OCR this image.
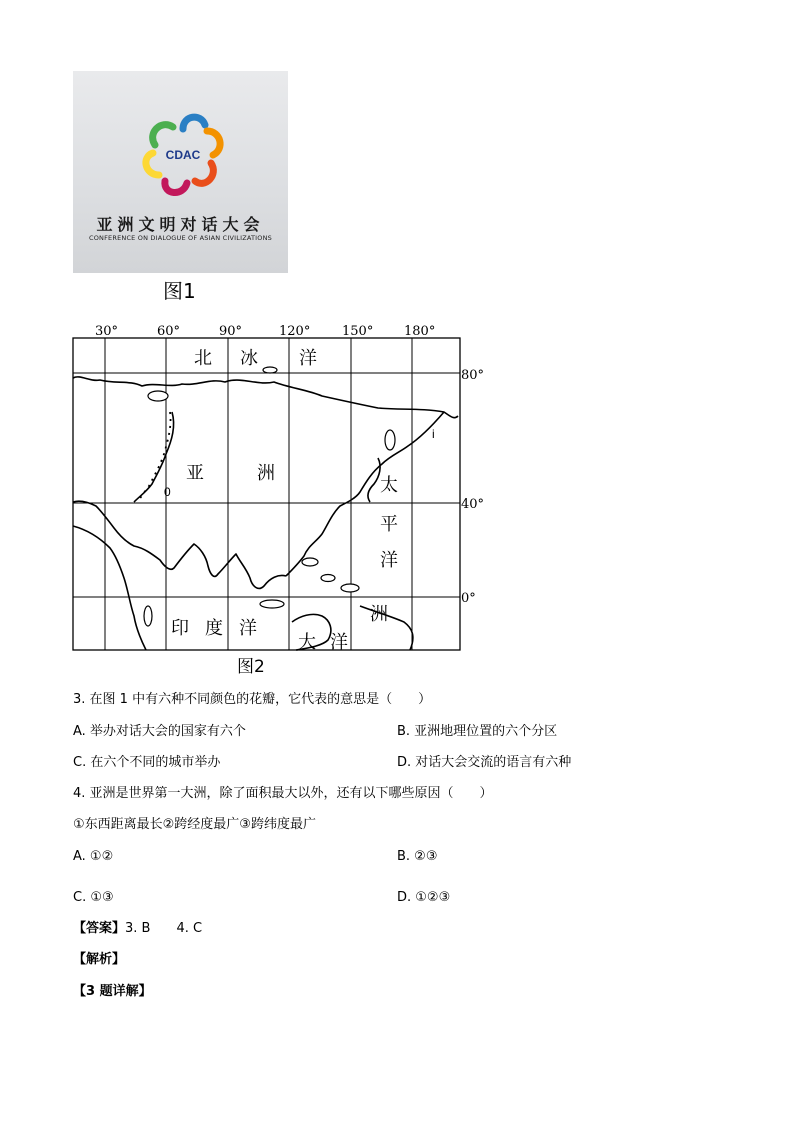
CDAC
亚洲文明对话大会
CONFERENCE ON DIALOGUE OF ASIAN CIVILIZATIONS
图1
30°	60°	90°	120° 150° 180°
80°
40°
0°
北 冰 洋
亚	洲
太
平
洋
印 度 洋
大 洋
洲
0
i
图2
3. 在图 1 中有六种不同颜色的花瓣，它代表的意思是（　　）
A. 举办对话大会的国家有六个	B. 亚洲地理位置的六个分区
C. 在六个不同的城市举办	D. 对话大会交流的语言有六种
4. 亚洲是世界第一大洲，除了面积最大以外，还有以下哪些原因（　　）
①东西距离最长②跨经度最广③跨纬度最广
A. ①②	B. ②③
C. ①③	D. ①②③
【答案】3. B　　4. C
【解析】
【3 题详解】
